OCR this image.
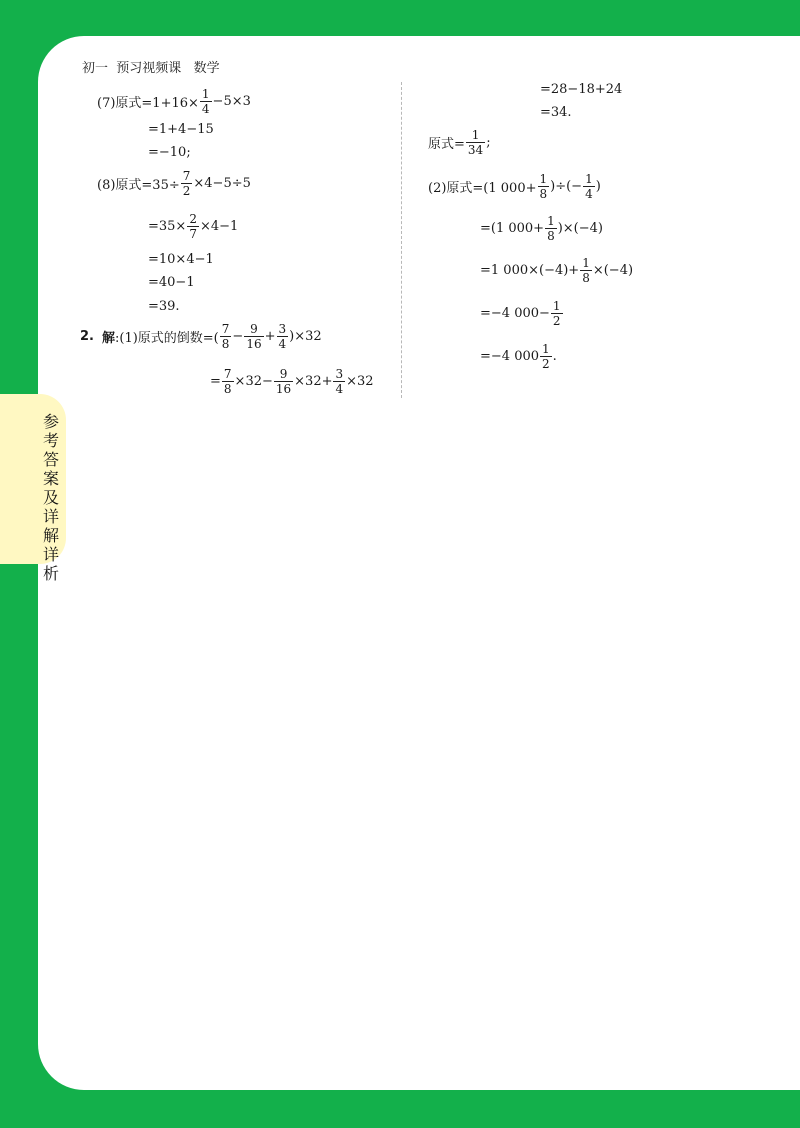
参考答案及详解详析
初一  预习视频课   数学
(7)原式$=1+16\times \frac{1}{4} -5\times 3$
=1+4−15
=−10;
(8)原式$=35\div \frac{7}{2} \times 4-5\div 5$
$=35\times \frac{2}{7} \times 4-1$
=10×4−1
=40−1
=39.
2. 解 :(1)原式的倒数=( $\frac{7}{8} - \frac{9}{16} + \frac{3}{4} )\times 32$
= $\frac{7}{8} \times 32- \frac{9}{16} \times 32+ \frac{3}{4} \times 32$
=28−18+24
=34.
原式= $\frac{1}{34}$ ;
(2)原式=(1 $000+ \frac{1}{8}$ )÷(− $\frac{1}{4}$ )
=(1 $000+ \frac{1}{8} )\times(-4)$
=1 $000\times(-4)+ \frac{1}{8} \times(-4)$
=−4 $000- \frac{1}{2}$
=−4 $000 \frac{1}{2}$ .
